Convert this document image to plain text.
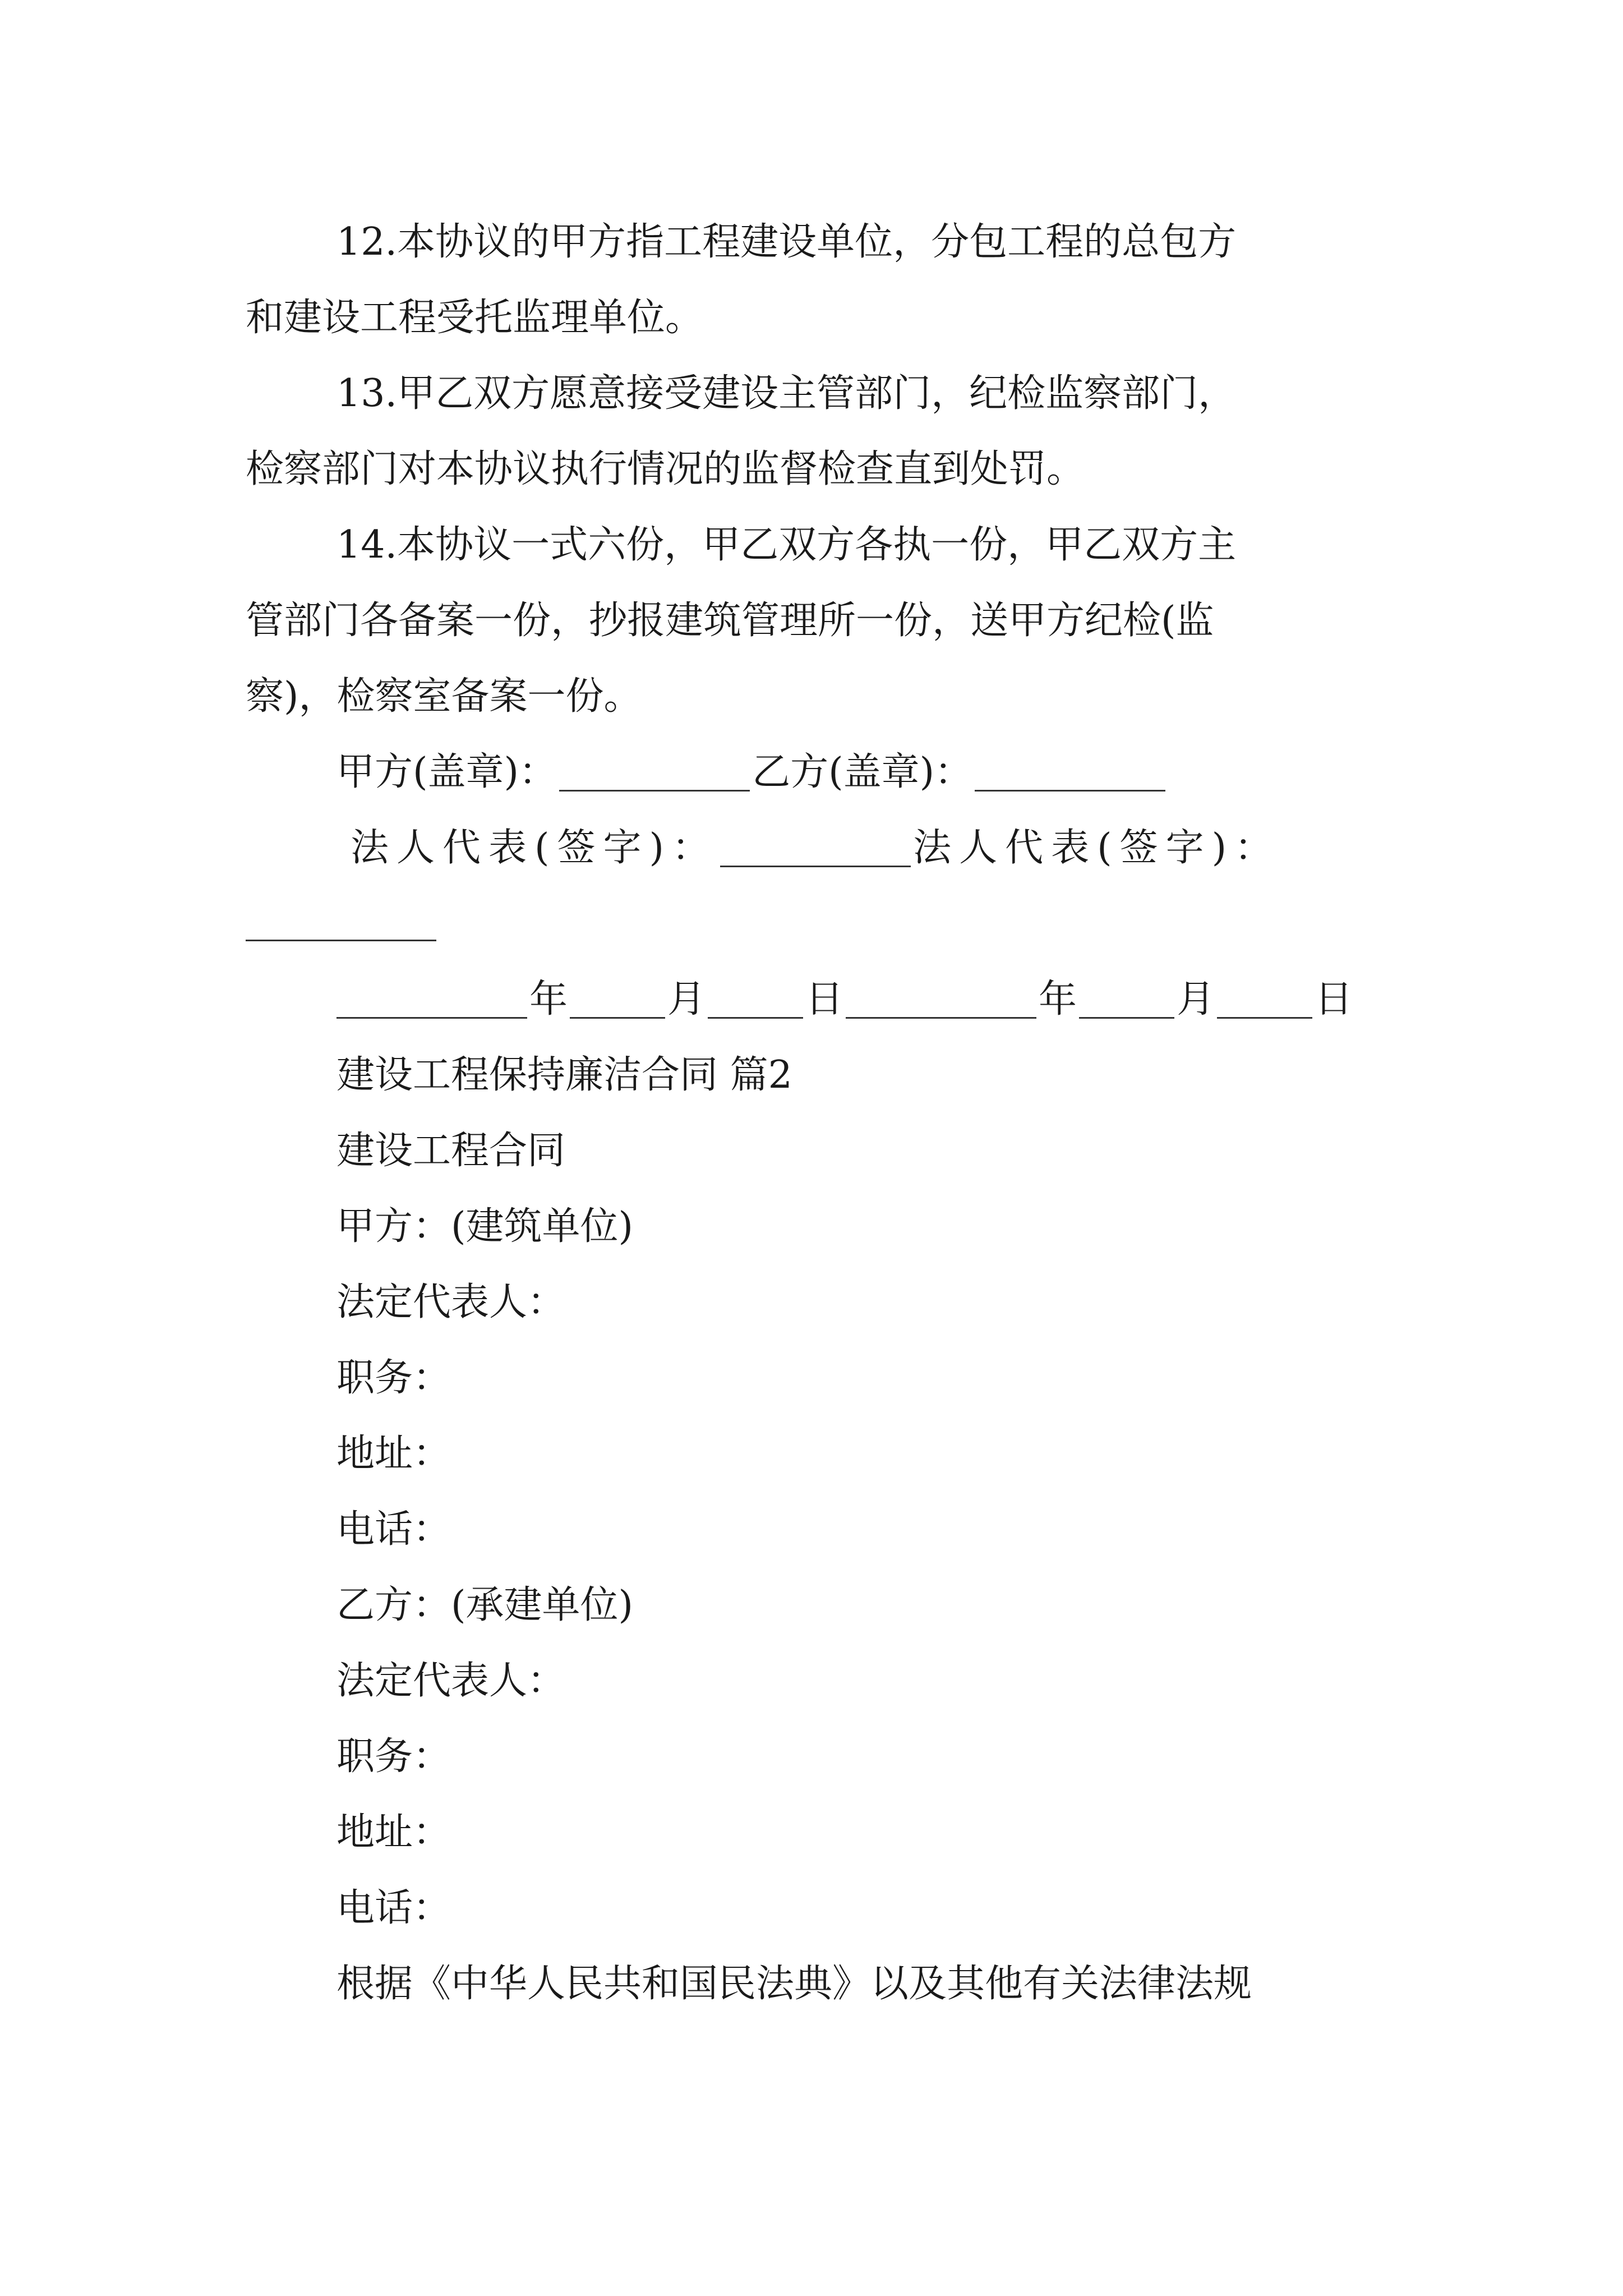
12.本协议的甲方指工程建设单位，分包工程的总包方
和建设工程受托监理单位。
13.甲乙双方愿意接受建设主管部门，纪检监察部门，
检察部门对本协议执行情况的监督检查直到处罚。
14.本协议一式六份，甲乙双方各执一份，甲乙双方主
管部门各备案一份，抄报建筑管理所一份，送甲方纪检(监
察)，检察室备案一份。
甲方(盖章)：	乙方(盖章)：
法人代表(签字)：	法人代表(签字)：
年	月	日	年	月	日
建设工程保持廉洁合同 篇2
建设工程合同
甲方：(建筑单位)
法定代表人：
职务：
地址：
电话：
乙方：(承建单位)
法定代表人：
职务：
地址：
电话：
根据《中华人民共和国民法典》以及其他有关法律法规
